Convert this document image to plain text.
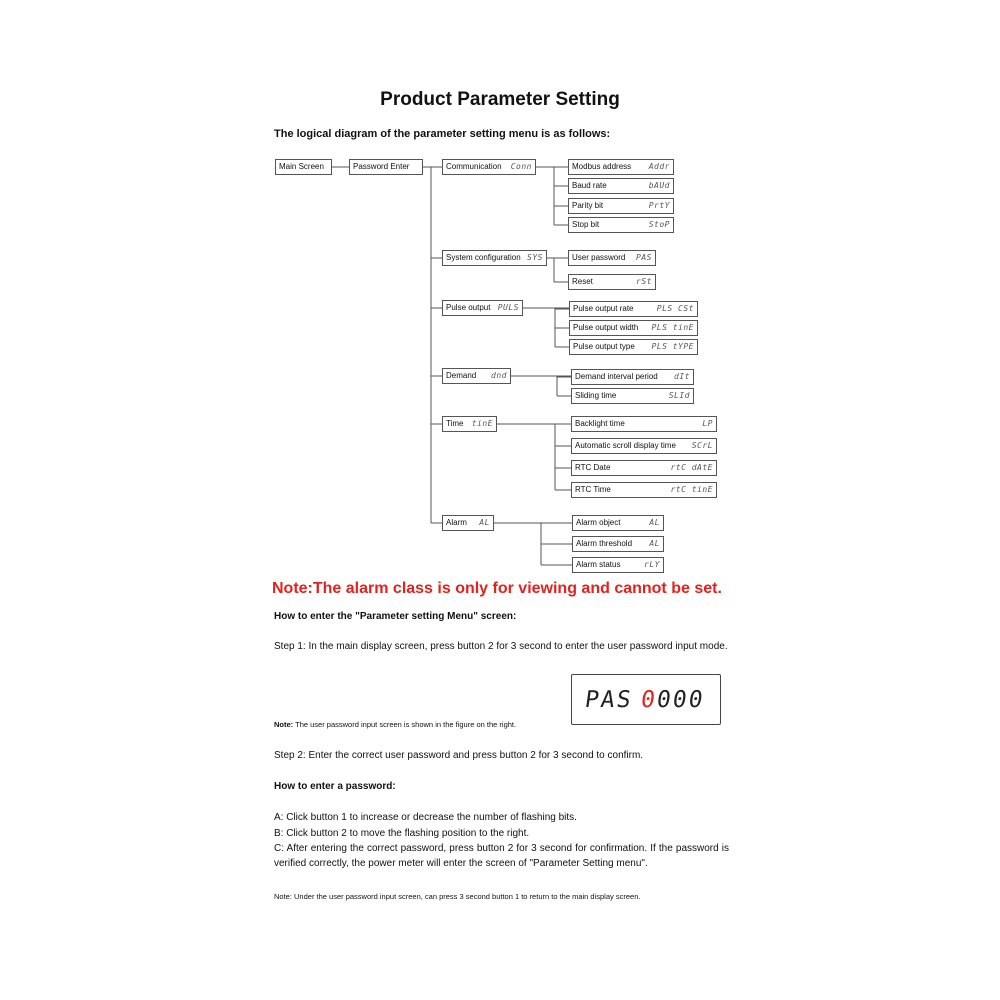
Product Parameter Setting
The logical diagram of the parameter setting menu is as follows:
Main Screen	Password Enter	Communication Conn	Modbus address Addr
Baud rate	bAUd
Parity bit	PrtY
Stop bit	StoP
System configuration SYS	User password PAS
Reset	rSt
Pulse output PULS	Pulse output rate	PLS CSt
Pulse output width PLS tinE
Pulse output type PLS tYPE
Demand dnd	Demand interval period dIt
Sliding time	SLId
Time tinE	Backlight time	LP
Automatic scroll display time SCrL
RTC Date	rtC dAtE
RTC Time	rtC tinE
Alarm AL	Alarm object	AL
Alarm threshold AL
Alarm status	rLY
Note:The alarm class is only for viewing and cannot be set.
How to enter the "Parameter setting Menu" screen:
Step 1: In the main display screen, press button 2 for 3 second to enter the user password input mode.
Note: The user password input screen is shown in the figure on the right.
PAS 0000
Step 2: Enter the correct user password and press button 2 for 3 second to confirm.
How to enter a password:
A: Click button 1 to increase or decrease the number of flashing bits.
B: Click button 2 to move the flashing position to the right.
C: After entering the correct password, press button 2 for 3 second for confirmation. If the password is verified correctly, the power meter will enter the screen of "Parameter Setting menu".
Note: Under the user password input screen, can press 3 second button 1 to return to the main display screen.
